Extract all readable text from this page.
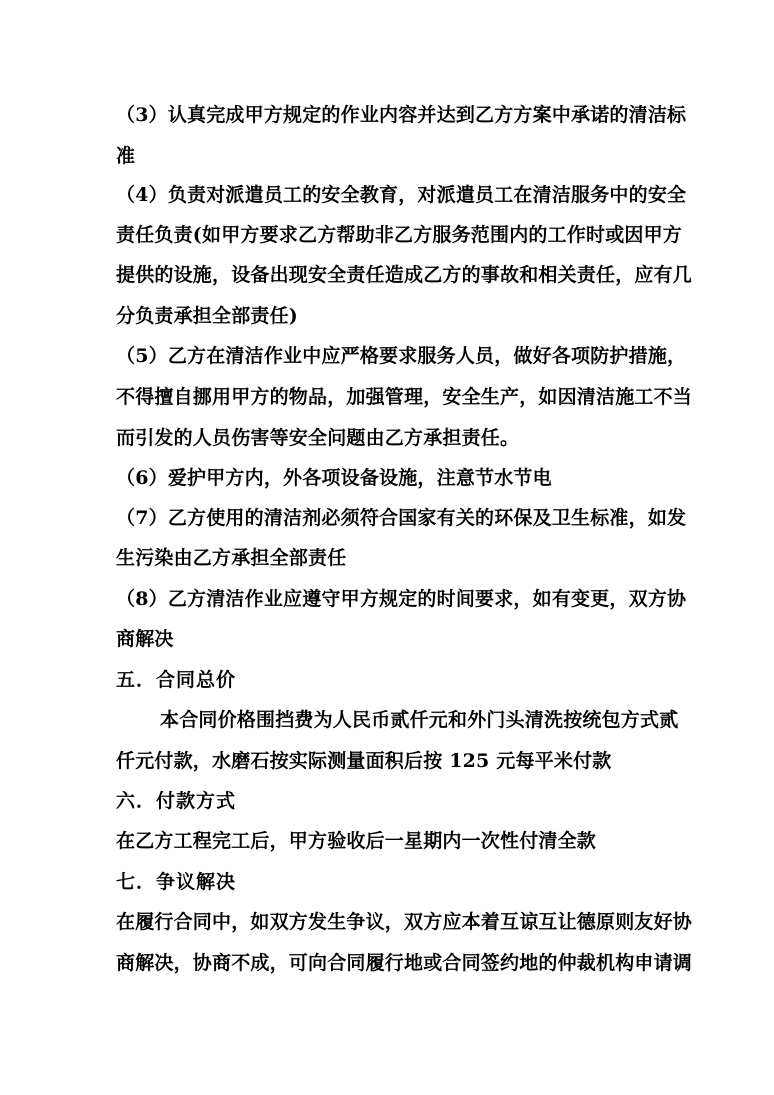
（3）认真完成甲方规定的作业内容并达到乙方方案中承诺的清洁标
准
（4）负责对派遣员工的安全教育，对派遣员工在清洁服务中的安全
责任负责(如甲方要求乙方帮助非乙方服务范围内的工作时或因甲方
提供的设施，设备出现安全责任造成乙方的事故和相关责任，应有几
分负责承担全部责任)
（5）乙方在清洁作业中应严格要求服务人员，做好各项防护措施，
不得擅自挪用甲方的物品，加强管理，安全生产，如因清洁施工不当
而引发的人员伤害等安全问题由乙方承担责任。
（6）爱护甲方内，外各项设备设施，注意节水节电
（7）乙方使用的清洁剂必须符合国家有关的环保及卫生标准，如发
生污染由乙方承担全部责任
（8）乙方清洁作业应遵守甲方规定的时间要求，如有变更，双方协
商解决
五．合同总价
本合同价格围挡费为人民币贰仟元和外门头清洗按统包方式贰
仟元付款，水磨石按实际测量面积后按 125 元每平米付款
六．付款方式
在乙方工程完工后，甲方验收后一星期内一次性付清全款
七．争议解决
在履行合同中，如双方发生争议，双方应本着互谅互让德原则友好协
商解决，协商不成，可向合同履行地或合同签约地的仲裁机构申请调
